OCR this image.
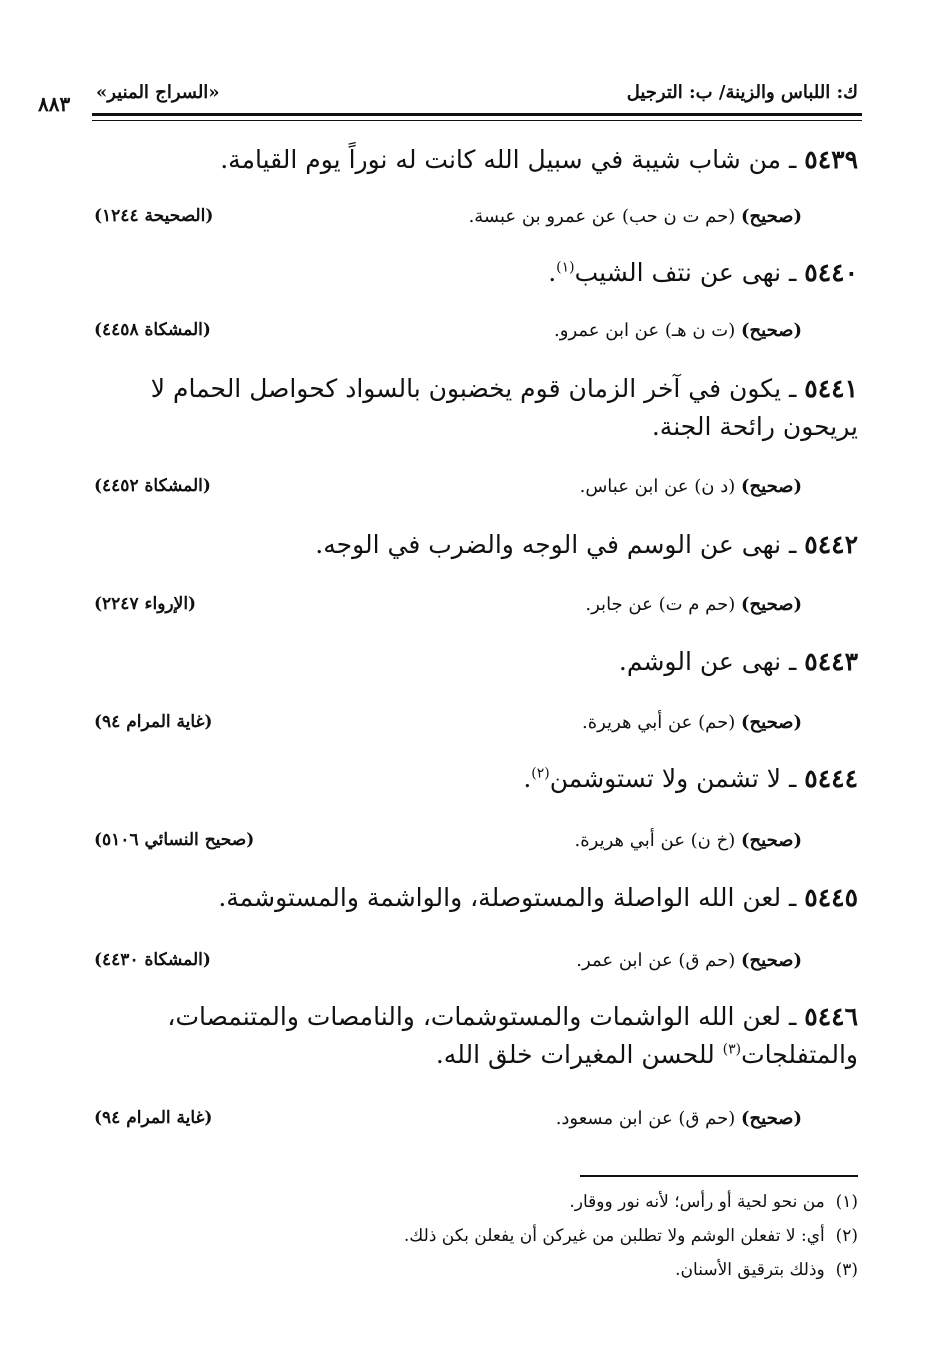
ك: اللباس والزينة/ ب: الترجيل
«السراج المنير»
٨٨٣
٥٤٣٩ ـ من شاب شيبة في سبيل الله كانت له نوراً يوم القيامة.
(صحيح) (حم ت ن حب) عن عمرو بن عبسة.
(الصحيحة ١٢٤٤)
٥٤٤٠ ـ نهى عن نتف الشيب$^{(١)}$.
(صحيح) (ت ن هـ) عن ابن عمرو.
(المشكاة ٤٤٥٨)
٥٤٤١ ـ يكون في آخر الزمان قوم يخضبون بالسواد كحواصل الحمام لا يريحون رائحة الجنة.
(صحيح) (د ن) عن ابن عباس.
(المشكاة ٤٤٥٢)
٥٤٤٢ ـ نهى عن الوسم في الوجه والضرب في الوجه.
(صحيح) (حم م ت) عن جابر.
(الإرواء ٢٢٤٧)
٥٤٤٣ ـ نهى عن الوشم.
(صحيح) (حم) عن أبي هريرة.
(غاية المرام ٩٤)
٥٤٤٤ ـ لا تشمن ولا تستوشمن$^{(٢)}$.
(صحيح) (خ ن) عن أبي هريرة.
(صحيح النسائي ٥١٠٦)
٥٤٤٥ ـ لعن الله الواصلة والمستوصلة، والواشمة والمستوشمة.
(صحيح) (حم ق) عن ابن عمر.
(المشكاة ٤٤٣٠)
٥٤٤٦ ـ لعن الله الواشمات والمستوشمات، والنامصات والمتنمصات، والمتفلجات$^{(٣)}$ للحسن المغيرات خلق الله.
(صحيح) (حم ق) عن ابن مسعود.
(غاية المرام ٩٤)
(١)  من نحو لحية أو رأس؛ لأنه نور ووقار.
(٢)  أي: لا تفعلن الوشم ولا تطلبن من غيركن أن يفعلن بكن ذلك.
(٣)  وذلك بترقيق الأسنان.
